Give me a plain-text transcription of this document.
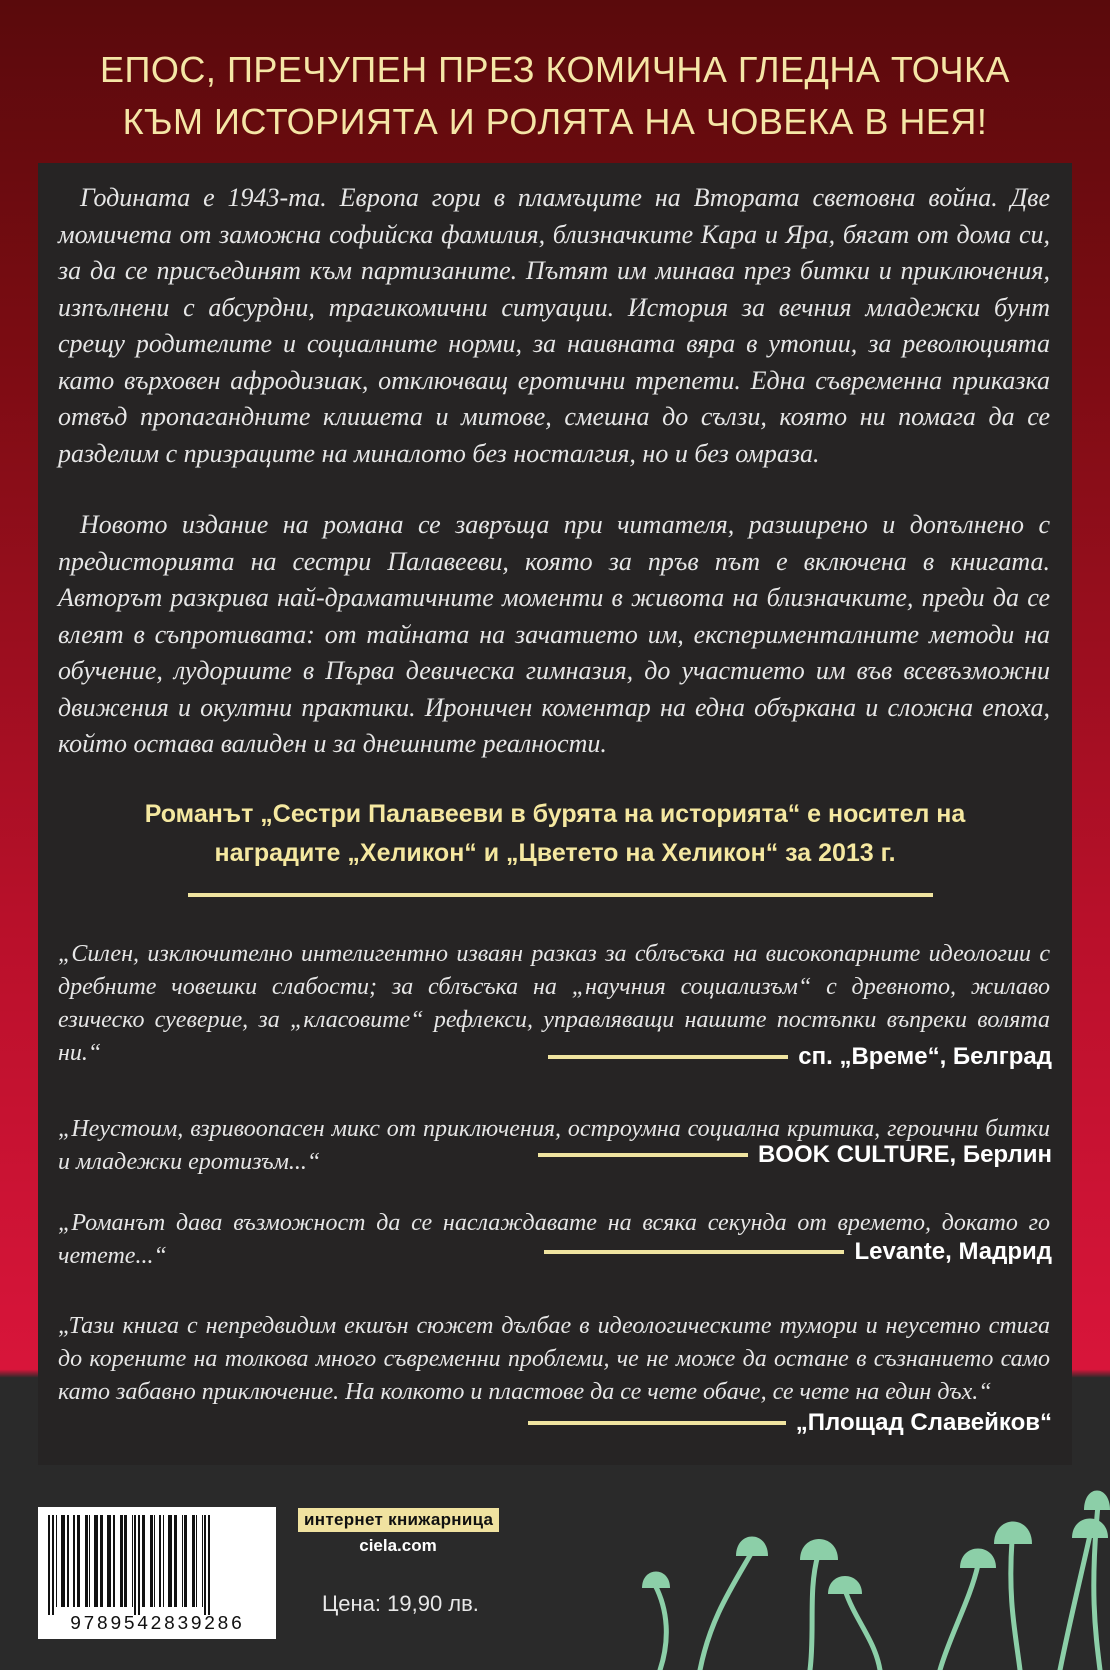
ЕПОС, ПРЕЧУПЕН ПРЕЗ КОМИЧНА ГЛЕДНА ТОЧКА
КЪМ ИСТОРИЯТА И РОЛЯТА НА ЧОВЕКА В НЕЯ!

Годината е 1943-та. Европа гори в пламъците на Втората световна война. Две момичета от заможна софийска фамилия, близначките Кара и Яра, бягат от дома си, за да се присъединят към партизаните. Пътят им минава през битки и приключения, изпълнени с абсурдни, трагикомични ситуации. История за вечния младежки бунт срещу родителите и социалните норми, за наивната вяра в утопии, за революцията като върховен афродизиак, отключващ еротични трепети. Една съвременна приказка отвъд пропагандните клишета и митове, смешна до сълзи, която ни помага да се разделим с призраците на миналото без носталгия, но и без омраза.

Новото издание на романа се завръща при читателя, разширено и допълнено с предисторията на сестри Палавееви, която за пръв път е включена в книгата. Авторът разкрива най-драматичните моменти в живота на близначките, преди да се влеят в съпротивата: от тайната на зачатието им, експерименталните методи на обучение, лудориите в Първа девическа гимназия, до участието им във всевъзможни движения и окултни практики. Ироничен коментар на една объркана и сложна епоха, който остава валиден и за днешните реалности.

Романът „Сестри Палавееви в бурята на историята“ е носител на
наградите „Хеликон“ и „Цветето на Хеликон“ за 2013 г.

„Силен, изключително интелигентно изваян разказ за сблъсъка на високопарните идеологии с дребните човешки слабости; за сблъсъка на „научния социализъм“ с древното, жилаво езическо суеверие, за „класовите“ рефлекси, управляващи нашите постъпки въпреки волята ни.“	сп. „Време“, Белград

„Неустоим, взривоопасен микс от приключения, остроумна социална критика, героични битки и младежки еротизъм...“	BOOK CULTURE, Берлин

„Романът дава възможност да се наслаждавате на всяка секунда от времето, докато го четете...“	Levante, Мадрид

„Тази книга с непредвидим екшън сюжет дълбае в идеологическите тумори и неусетно стига до корените на толкова много съвременни проблеми, че не може да остане в съзнанието само като забавно приключение. На колкото и пластове да се чете обаче, се чете на един дъх.“

„Площад Славейков“
9789542839286
интернет книжарница
ciela.com
Цена: 19,90 лв.
